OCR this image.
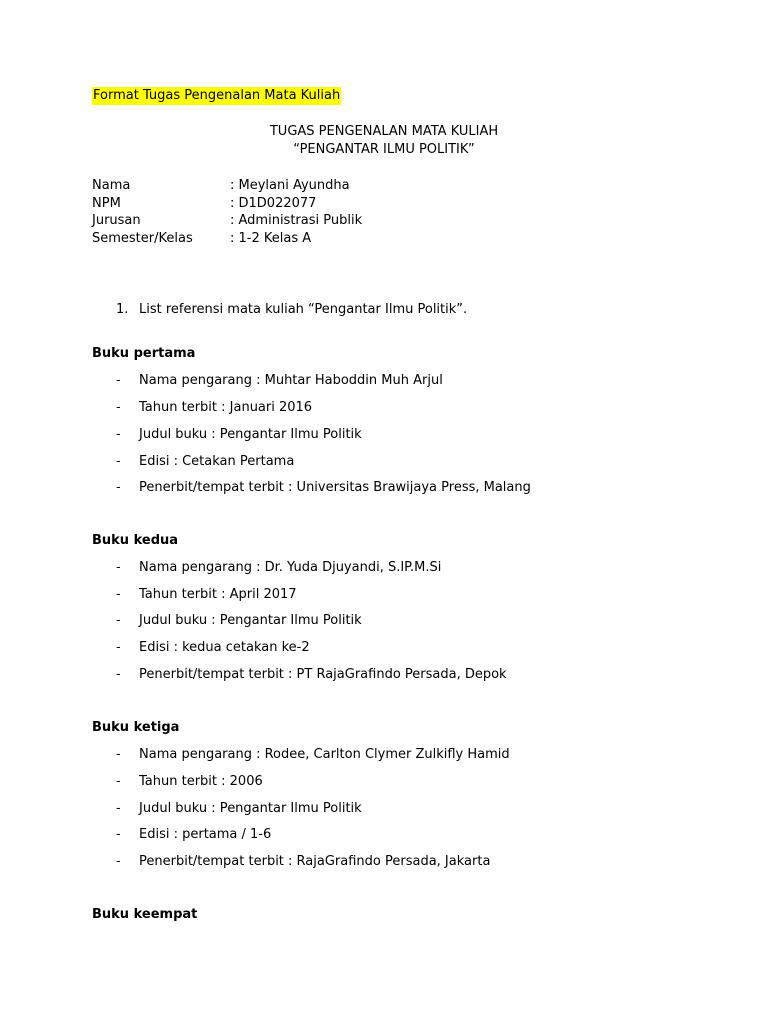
Format Tugas Pengenalan Mata Kuliah
TUGAS PENGENALAN MATA KULIAH
“PENGANTAR ILMU POLITIK”
Nama	: Meylani Ayundha
NPM	: D1D022077
Jurusan	: Administrasi Publik
Semester/Kelas	: 1-2 Kelas A
1. List referensi mata kuliah “Pengantar Ilmu Politik”.
Buku pertama
- Nama pengarang : Muhtar Haboddin Muh Arjul
- Tahun terbit : Januari 2016
- Judul buku : Pengantar Ilmu Politik
- Edisi : Cetakan Pertama
- Penerbit/tempat terbit : Universitas Brawijaya Press, Malang
Buku kedua
- Nama pengarang : Dr. Yuda Djuyandi, S.IP.M.Si
- Tahun terbit : April 2017
- Judul buku : Pengantar Ilmu Politik
- Edisi : kedua cetakan ke-2
- Penerbit/tempat terbit : PT RajaGrafindo Persada, Depok
Buku ketiga
- Nama pengarang : Rodee, Carlton Clymer Zulkifly Hamid
- Tahun terbit : 2006
- Judul buku : Pengantar Ilmu Politik
- Edisi : pertama / 1-6
- Penerbit/tempat terbit : RajaGrafindo Persada, Jakarta
Buku keempat
